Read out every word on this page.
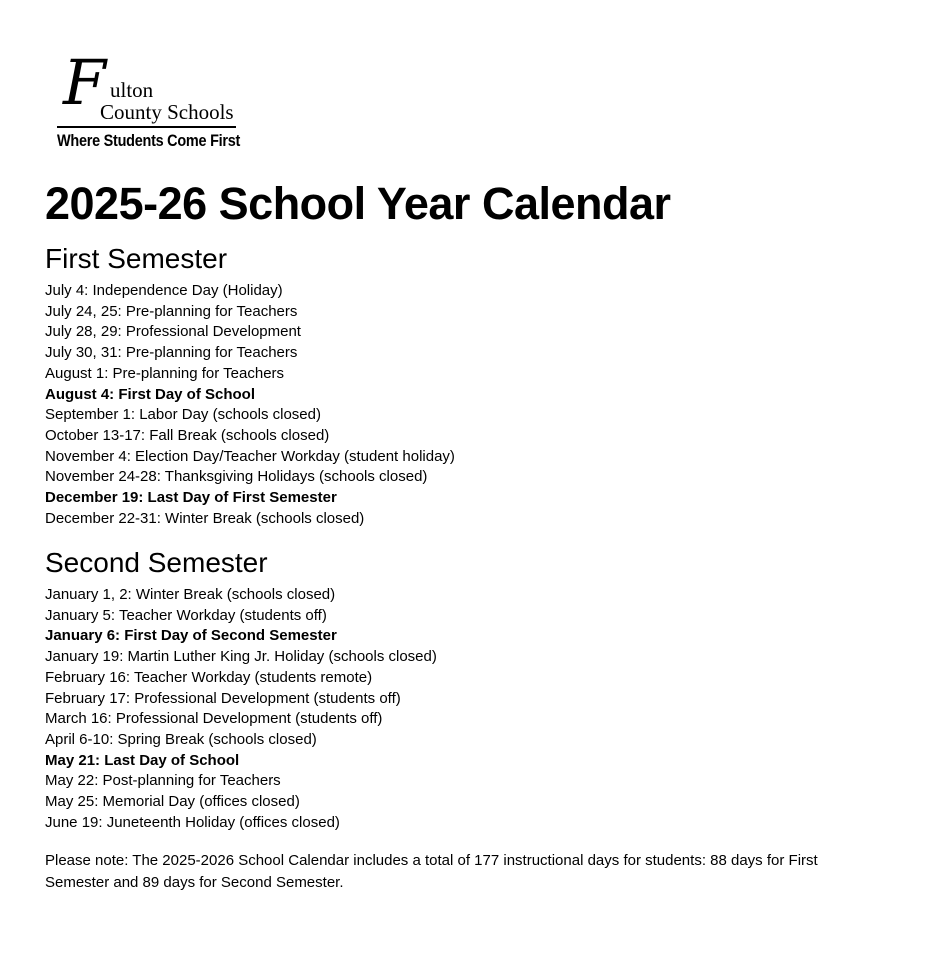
F ulton
County Schools
Where Students Come First
2025-26 School Year Calendar
First Semester
July 4: Independence Day (Holiday)
July 24, 25: Pre-planning for Teachers
July 28, 29: Professional Development
July 30, 31: Pre-planning for Teachers
August 1: Pre-planning for Teachers
August 4: First Day of School
September 1: Labor Day (schools closed)
October 13-17: Fall Break (schools closed)
November 4: Election Day/Teacher Workday (student holiday)
November 24-28: Thanksgiving Holidays (schools closed)
December 19: Last Day of First Semester
December 22-31: Winter Break (schools closed)
Second Semester
January 1, 2: Winter Break (schools closed)
January 5: Teacher Workday (students off)
January 6: First Day of Second Semester
January 19: Martin Luther King Jr. Holiday (schools closed)
February 16: Teacher Workday (students remote)
February 17: Professional Development (students off)
March 16: Professional Development (students off)
April 6-10: Spring Break (schools closed)
May 21: Last Day of School
May 22: Post-planning for Teachers
May 25: Memorial Day (offices closed)
June 19: Juneteenth Holiday (offices closed)

Please note: The 2025-2026 School Calendar includes a total of 177 instructional days for students: 88 days for First Semester and 89 days for Second Semester.
